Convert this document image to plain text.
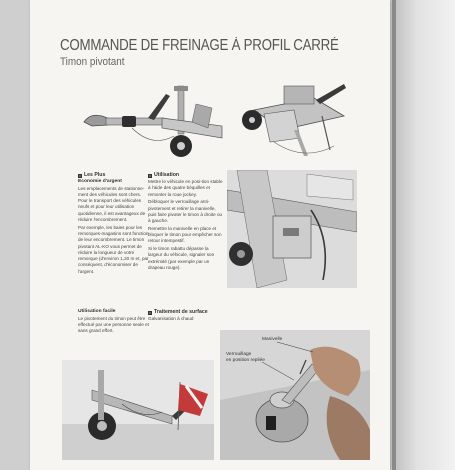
COMMANDE DE FREINAGE À PROFIL CARRÉ
Timon pivotant
Manivelle
Verrouillage
en position repliée
Les Plus
Economie d'argent

Les emplacements de stationne-ment des véhicules sont chers. Pour le transport des véhicules neufs et pour leur utilisation quotidienne, il est avantageux de réduire l'encombrement.

Par exemple, les baies pour les remorques-magasins sont fonction de leur encombrement. Le timon pivotant AL-KO vous permet de réduire la longueur de votre remorque (d'environ 1,20 m et, par conséquent, d'économiser de l'argent.

Utilisation

Mettre le véhicule en posi-tion stable à l'aide des quatre béquilles et remonter la roue jockey.

Débloquer le verrouillage anti-pivotement et retirer la manivelle, puis faire pivoter le timon à droite ou à gauche.

Remettre la manivelle en place et bloquer le timon pour empêcher son retour intempestif.

Si le timon rabattu dépasse la largeur du véhicule, signaler son extrémité (par exemple par un drapeau rouge).

Utilisation facile

Le pivotement du timon peut être effectué par une personne seule et sans grand effort.

Traitement de surface

Galvanisation à chaud
